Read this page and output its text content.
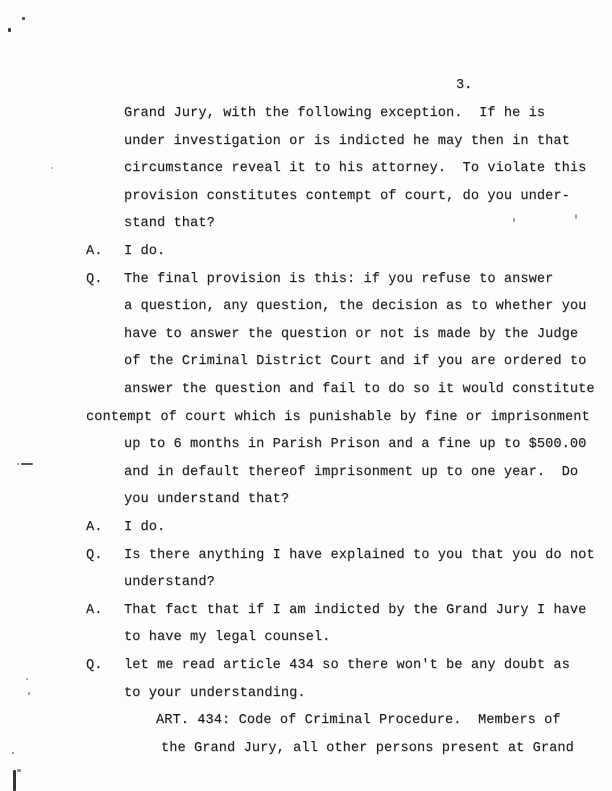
3.
Grand Jury, with the following exception.  If he is
under investigation or is indicted he may then in that
circumstance reveal it to his attorney.  To violate this
provision constitutes contempt of court, do you under-
stand that?
A. I do.
Q. The final provision is this: if you refuse to answer
a question, any question, the decision as to whether you
have to answer the question or not is made by the Judge
of the Criminal District Court and if you are ordered to
answer the question and fail to do so it would constitute
contempt of court which is punishable by fine or imprisonment
up to 6 months in Parish Prison and a fine up to $500.00
and in default thereof imprisonment up to one year.  Do
you understand that?
A. I do.
Q. Is there anything I have explained to you that you do not
understand?
A. That fact that if I am indicted by the Grand Jury I have
to have my legal counsel.
Q. let me read article 434 so there won't be any doubt as
to your understanding.
ART. 434: Code of Criminal Procedure.  Members of
the Grand Jury, all other persons present at Grand
